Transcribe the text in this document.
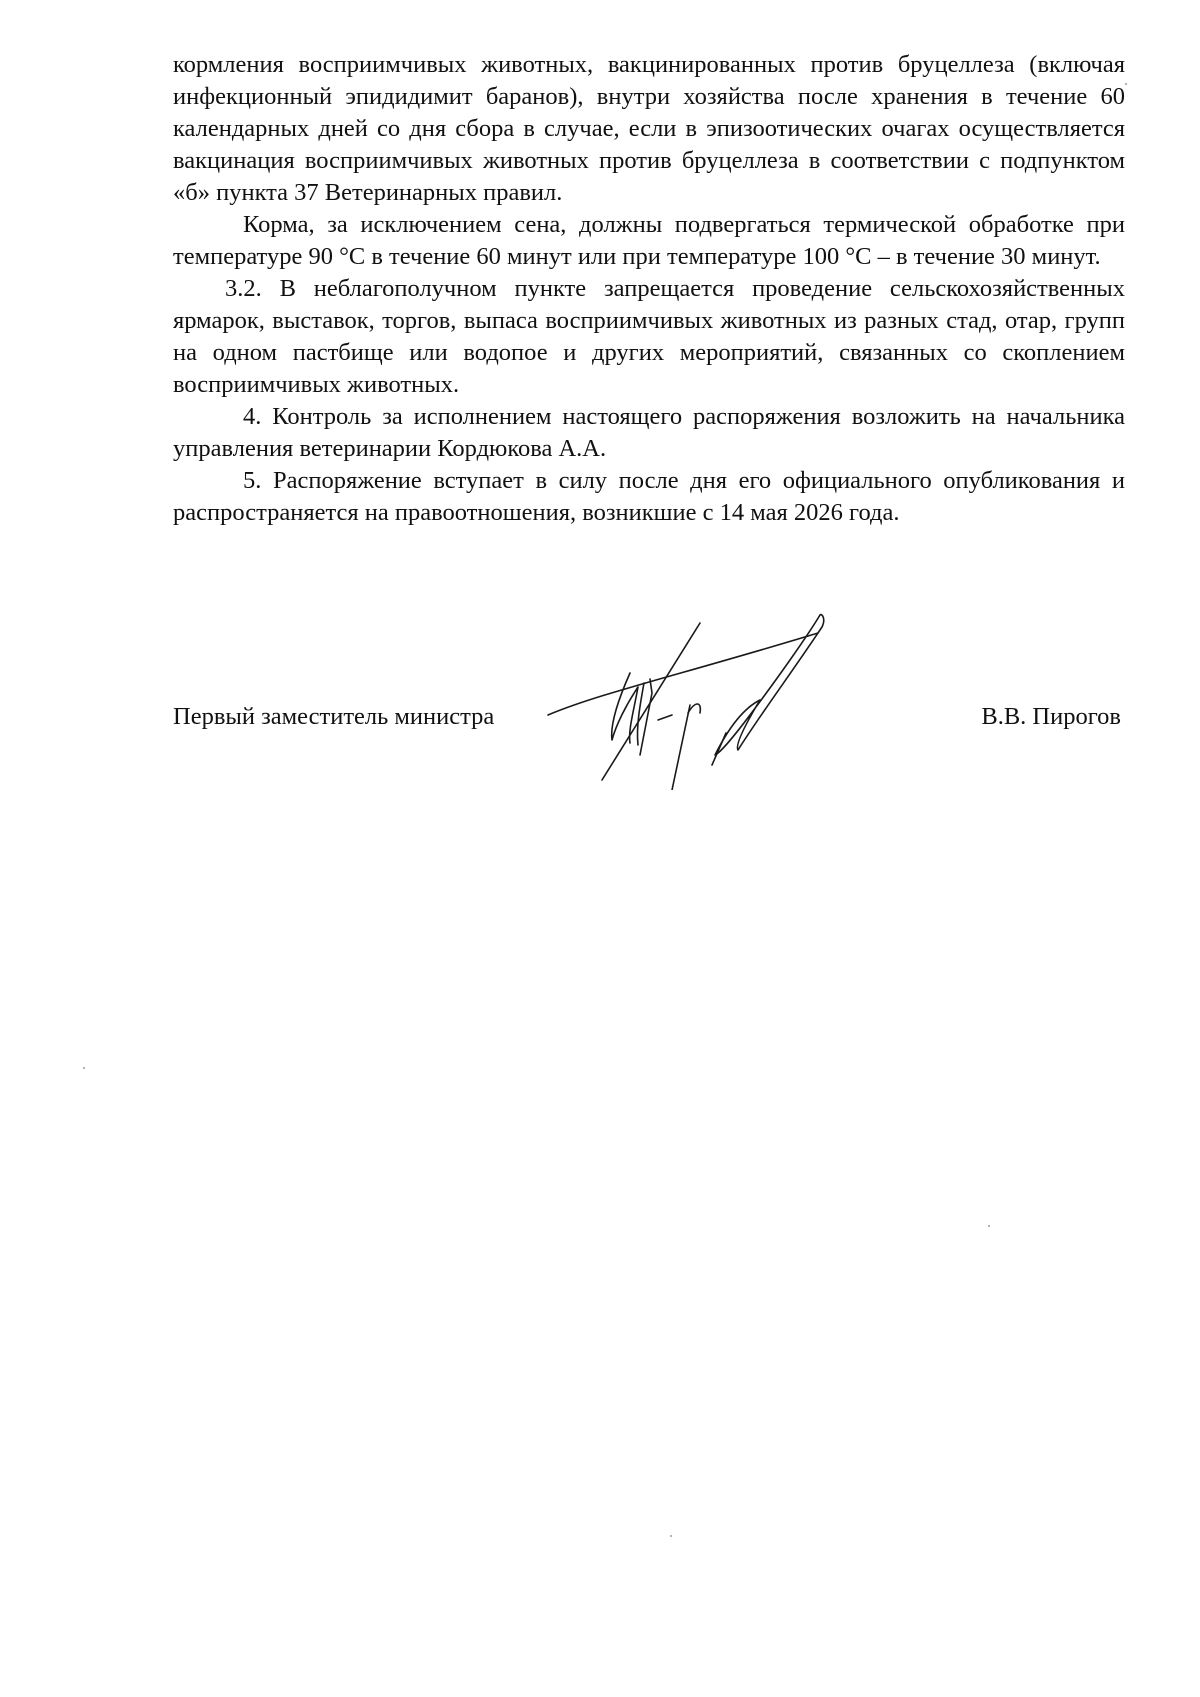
кормления восприимчивых животных, вакцинированных против бруцеллеза (включая инфекционный эпидидимит баранов), внутри хозяйства после хранения в течение 60 календарных дней со дня сбора в случае, если в эпизоотических очагах осуществляется вакцинация восприимчивых животных против бруцеллеза в соответствии с подпунктом «б» пункта 37 Ветеринарных правил.

Корма, за исключением сена, должны подвергаться термической обработке при температуре 90 °С в течение 60 минут или при температуре 100 °С – в течение 30 минут.

3.2. В неблагополучном пункте запрещается проведение сельскохозяйственных ярмарок, выставок, торгов, выпаса восприимчивых животных из разных стад, отар, групп на одном пастбище или водопое и других мероприятий, связанных со скоплением восприимчивых животных.

4. Контроль за исполнением настоящего распоряжения возложить на начальника управления ветеринарии Кордюкова А.А.

5. Распоряжение вступает в силу после дня его официального опубликования и распространяется на правоотношения, возникшие с 14 мая 2026 года.

Первый заместитель министра	В.В. Пирогов
